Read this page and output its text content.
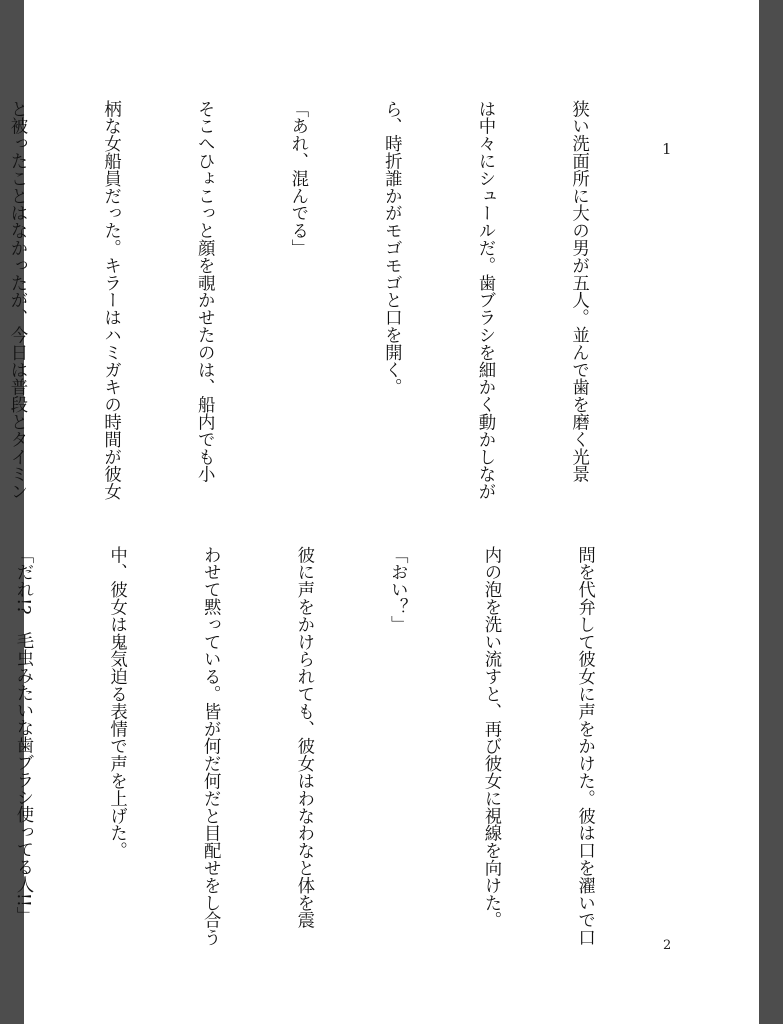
1

狭い洗面所に大の男が五人。並んで歯を磨く光景

は中々にシュールだ。歯ブラシを細かく動かしなが

ら、時折誰かがモゴモゴと口を開く。

「あれ、混んでる」

そこへひょこっと顔を覗かせたのは、船内でも小

柄な女船員だった。キラーはハミガキの時間が彼女

と被ったことはなかったが、今日は普段とタイミン

問を代弁して彼女に声をかけた。彼は口を濯いで口

内の泡を洗い流すと、再び彼女に視線を向けた。

「おい？」

彼に声をかけられても、彼女はわなわなと体を震

わせて黙っている。皆が何だ何だと目配せをし合う

中、彼女は鬼気迫る表情で声を上げた。

「だれ!?　毛虫みたいな歯ブラシ使ってる人!!」

2
